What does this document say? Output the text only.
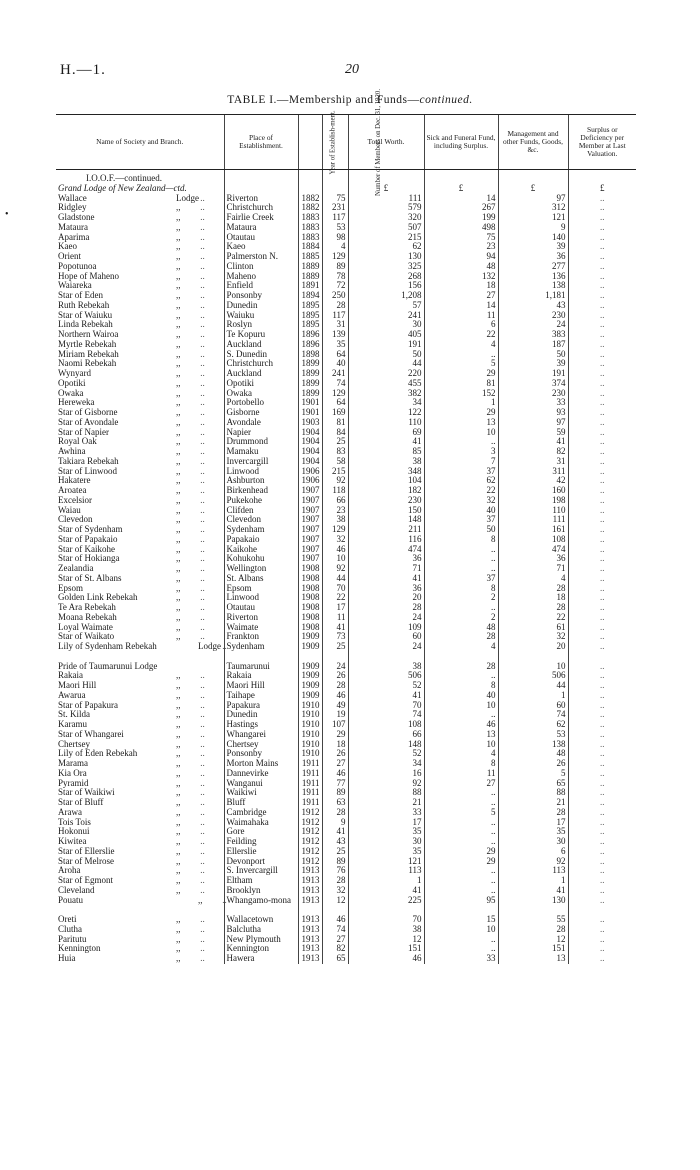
H.—1.	20
TABLE I.—Membership and Funds—continued.
•
Name of Society and Branch.	Place of Establishment.	Year of Establish-ment.	Number of Members on Dec. 31, 1920.	Total Worth.	Sick and Funeral Fund, including Surplus.	Management and other Funds, Goods, &c.	Surplus or Deficiency per Member at Last Valuation.
I.O.O.F.—continued.							
Grand Lodge of New Zealand—ctd.				£	£	£	£
Wallace Lodge ..	Riverton	1882	75	111	14	97	..
Ridgley ,, ..	Christchurch	1882	231	579	267	312	..
Gladstone ,, ..	Fairlie Creek	1883	117	320	199	121	..
Mataura ,, ..	Mataura	1883	53	507	498	9	..
Aparima ,, ..	Otautau	1883	98	215	75	140	..
Kaeo ,, ..	Kaeo	1884	4	62	23	39	..
Orient ,, ..	Palmerston N.	1885	129	130	94	36	..
Popotunoa ,, ..	Clinton	1889	89	325	48	277	..
Hope of Maheno ,, ..	Maheno	1889	78	268	132	136	..
Waiareka ,, ..	Enfield	1891	72	156	18	138	..
Star of Eden ,, ..	Ponsonby	1894	250	1,208	27	1,181	..
Ruth Rebekah ,, ..	Dunedin	1895	28	57	14	43	..
Star of Waiuku ,, ..	Waiuku	1895	117	241	11	230	..
Linda Rebekah ,, ..	Roslyn	1895	31	30	6	24	..
Northern Wairoa ,, ..	Te Kopuru	1896	139	405	22	383	..
Myrtle Rebekah ,, ..	Auckland	1896	35	191	4	187	..
Miriam Rebekah ,, ..	S. Dunedin	1898	64	50	..	50	..
Naomi Rebekah ,, ..	Christchurch	1899	40	44	5	39	..
Wynyard ,, ..	Auckland	1899	241	220	29	191	..
Opotiki ,, ..	Opotiki	1899	74	455	81	374	..
Owaka ,, ..	Owaka	1899	129	382	152	230	..
Hereweka ,, ..	Portobello	1901	64	34	1	33	..
Star of Gisborne ,, ..	Gisborne	1901	169	122	29	93	..
Star of Avondale ,, ..	Avondale	1903	81	110	13	97	..
Star of Napier ,, ..	Napier	1904	84	69	10	59	..
Royal Oak ,, ..	Drummond	1904	25	41	..	41	..
Awhina ,, ..	Mamaku	1904	83	85	3	82	..
Takiara Rebekah ,, ..	Invercargill	1904	58	38	7	31	..
Star of Linwood ,, ..	Linwood	1906	215	348	37	311	..
Hakatere ,, ..	Ashburton	1906	92	104	62	42	..
Aroatea ,, ..	Birkenhead	1907	118	182	22	160	..
Excelsior ,, ..	Pukekohe	1907	66	230	32	198	..
Waiau ,, ..	Clifden	1907	23	150	40	110	..
Clevedon ,, ..	Clevedon	1907	38	148	37	111	..
Star of Sydenham ,, ..	Sydenham	1907	129	211	50	161	..
Star of Papakaio ,, ..	Papakaio	1907	32	116	8	108	..
Star of Kaikohe ,, ..	Kaikohe	1907	46	474	..	474	..
Star of Hokianga ,, ..	Kohukohu	1907	10	36	..	36	..
Zealandia ,, ..	Wellington	1908	92	71	..	71	..
Star of St. Albans ,, ..	St. Albans	1908	44	41	37	4	..
Epsom ,, ..	Epsom	1908	70	36	8	28	..
Golden Link Rebekah ,, ..	Linwood	1908	22	20	2	18	..
Te Ara Rebekah ,, ..	Otautau	1908	17	28	..	28	..
Moana Rebekah ,, ..	Riverton	1908	11	24	2	22	..
Loyal Waimate ,, ..	Waimate	1908	41	109	48	61	..
Star of Waikato ,, ..	Frankton	1909	73	60	28	32	..
Lily of Sydenham Rebekah Lodge ..	Sydenham	1909	25	24	4	20	..
Pride of Taumarunui Lodge	Taumarunui	1909	24	38	28	10	..
Rakaia ,, ..	Rakaia	1909	26	506	..	506	..
Maori Hill ,, ..	Maori Hill	1909	28	52	8	44	..
Awarua ,, ..	Taihape	1909	46	41	40	1	..
Star of Papakura ,, ..	Papakura	1910	49	70	10	60	..
St. Kilda ,, ..	Dunedin	1910	19	74	..	74	..
Karamu ,, ..	Hastings	1910	107	108	46	62	..
Star of Whangarei ,, ..	Whangarei	1910	29	66	13	53	..
Chertsey ,, ..	Chertsey	1910	18	148	10	138	..
Lily of Eden Rebekah ,, ..	Ponsonby	1910	26	52	4	48	..
Marama ,, ..	Morton Mains	1911	27	34	8	26	..
Kia Ora ,, ..	Dannevirke	1911	46	16	11	5	..
Pyramid ,, ..	Wanganui	1911	77	92	27	65	..
Star of Waikiwi ,, ..	Waikiwi	1911	89	88	..	88	..
Star of Bluff ,, ..	Bluff	1911	63	21	..	21	..
Arawa ,, ..	Cambridge	1912	28	33	5	28	..
Tois Tois ,, ..	Waimahaka	1912	9	17	..	17	..
Hokonui ,, ..	Gore	1912	41	35	..	35	..
Kiwitea ,, ..	Feilding	1912	43	30	..	30	..
Star of Ellerslie ,, ..	Ellerslie	1912	25	35	29	6	..
Star of Melrose ,, ..	Devonport	1912	89	121	29	92	..
Aroha ,, ..	S. Invercargill	1913	76	113	..	113	..
Star of Egmont ,, ..	Eltham	1913	28	1	..	1	..
Cleveland ,, ..	Brooklyn	1913	32	41	..	41	..
Pouatu ,, ..	Whangamo-mona	1913	12	225	95	130	..
Oreti ,, ..	Wallacetown	1913	46	70	15	55	..
Clutha ,, ..	Balclutha	1913	74	38	10	28	..
Paritutu ,, ..	New Plymouth	1913	27	12	..	12	..
Kennington ,, ..	Kennington	1913	82	151	..	151	..
Huia ,, ..	Hawera	1913	65	46	33	13	..
